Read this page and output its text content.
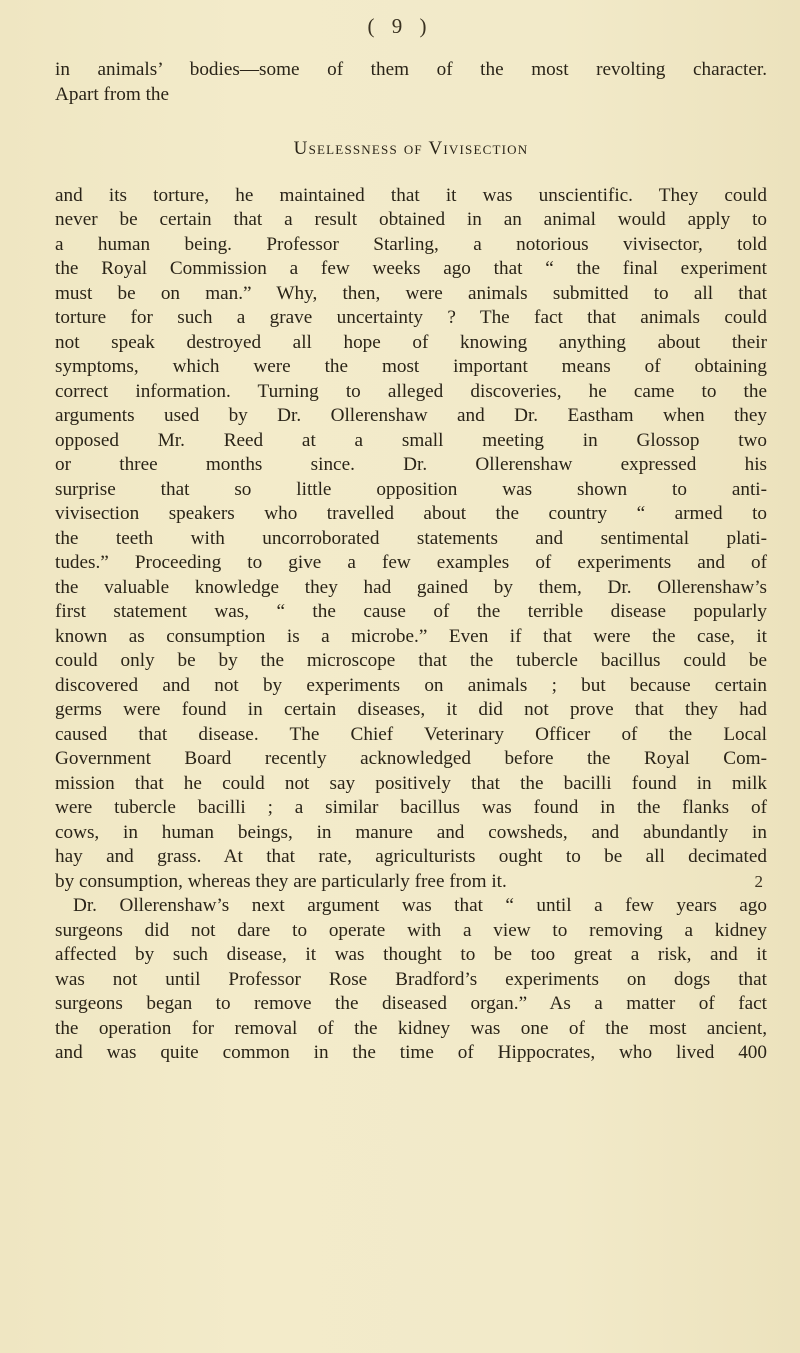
( 9 )
in animals’ bodies—some of them of the most revolting character.
Apart from the
Uselessness of Vivisection
and its torture, he maintained that it was unscientific. They could
never be certain that a result obtained in an animal would apply to
a human being. Professor Starling, a notorious vivisector, told
the Royal Commission a few weeks ago that “ the final experiment
must be on man.” Why, then, were animals submitted to all that
torture for such a grave uncertainty ? The fact that animals could
not speak destroyed all hope of knowing anything about their
symptoms, which were the most important means of obtaining
correct information. Turning to alleged discoveries, he came to the
arguments used by Dr. Ollerenshaw and Dr. Eastham when they
opposed Mr. Reed at a small meeting in Glossop two
or three months since. Dr. Ollerenshaw expressed his
surprise that so little opposition was shown to anti-
vivisection speakers who travelled about the country “ armed to
the teeth with uncorroborated statements and sentimental plati-
tudes.” Proceeding to give a few examples of experiments and of
the valuable knowledge they had gained by them, Dr. Ollerenshaw’s
first statement was, “ the cause of the terrible disease popularly
known as consumption is a microbe.” Even if that were the case, it
could only be by the microscope that the tubercle bacillus could be
discovered and not by experiments on animals ; but because certain
germs were found in certain diseases, it did not prove that they had
caused that disease. The Chief Veterinary Officer of the Local
Government Board recently acknowledged before the Royal Com-
mission that he could not say positively that the bacilli found in milk
were tubercle bacilli ; a similar bacillus was found in the flanks of
cows, in human beings, in manure and cowsheds, and abundantly in
hay and grass. At that rate, agriculturists ought to be all decimated
by consumption, whereas they are particularly free from it.
Dr. Ollerenshaw’s next argument was that “ until a few years ago
surgeons did not dare to operate with a view to removing a kidney
affected by such disease, it was thought to be too great a risk, and it
was not until Professor Rose Bradford’s experiments on dogs that
surgeons began to remove the diseased organ.” As a matter of fact
the operation for removal of the kidney was one of the most ancient,
and was quite common in the time of Hippocrates, who lived 400
2
